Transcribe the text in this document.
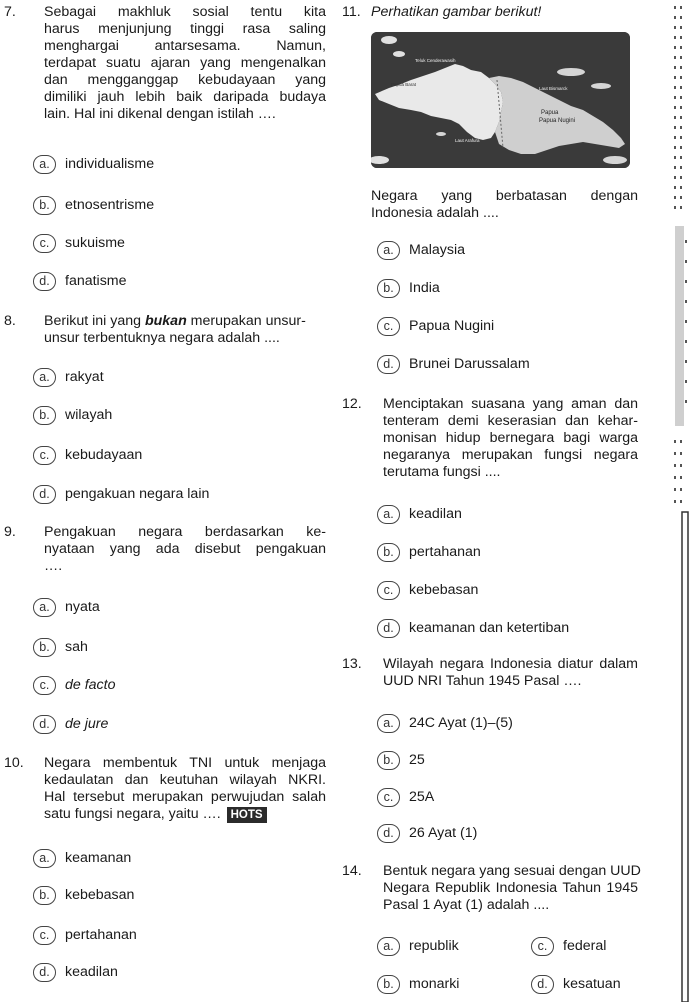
7. Sebagai makhluk sosial tentu kita
harus menjunjung tinggi rasa saling
menghargai antarsesama. Namun,
terdapat suatu ajaran yang mengenalkan
dan mengganggap kebudayaan yang
dimiliki jauh lebih baik daripada budaya
lain. Hal ini dikenal dengan istilah ….
a.	individualisme
b.	etnosentrisme
c.	sukuisme
d.	fanatisme
8. Berikut ini yang bukan merupakan unsur-
unsur terbentuknya negara adalah ....
a.	rakyat
b.	wilayah
c.	kebudayaan
d.	pengakuan negara lain
9. Pengakuan negara berdasarkan ke-
nyataan yang ada disebut pengakuan
….
a.	nyata
b.	sah
c.	de facto
d.	de jure
10. Negara membentuk TNI untuk menjaga
kedaulatan dan keutuhan wilayah NKRI.
Hal tersebut merupakan perwujudan salah
satu fungsi negara, yaitu …. HOTS
a.	keamanan
b.	kebebasan
c.	pertahanan
d.	keadilan
11. Perhatikan gambar berikut!
Teluk Cenderawasih
Laut Bismarck
Papua Barat
Papua
Papua Nugini
Laut Arafura
Negara yang berbatasan dengan
Indonesia adalah ....
a.	Malaysia
b.	India
c.	Papua Nugini
d.	Brunei Darussalam
12. Menciptakan suasana yang aman dan
tenteram demi keserasian dan kehar-
monisan hidup bernegara bagi warga
negaranya merupakan fungsi negara
terutama fungsi ....
a.	keadilan
b.	pertahanan
c.	kebebasan
d.	keamanan dan ketertiban
13. Wilayah negara Indonesia diatur dalam
UUD NRI Tahun 1945 Pasal ….
a.	24C Ayat (1)–(5)
b.	25
c.	25A
d.	26 Ayat (1)
14. Bentuk negara yang sesuai dengan UUD
Negara Republik Indonesia Tahun 1945
Pasal 1 Ayat (1) adalah ....
a.	republik
b.	monarki
c.	federal
d.	kesatuan
